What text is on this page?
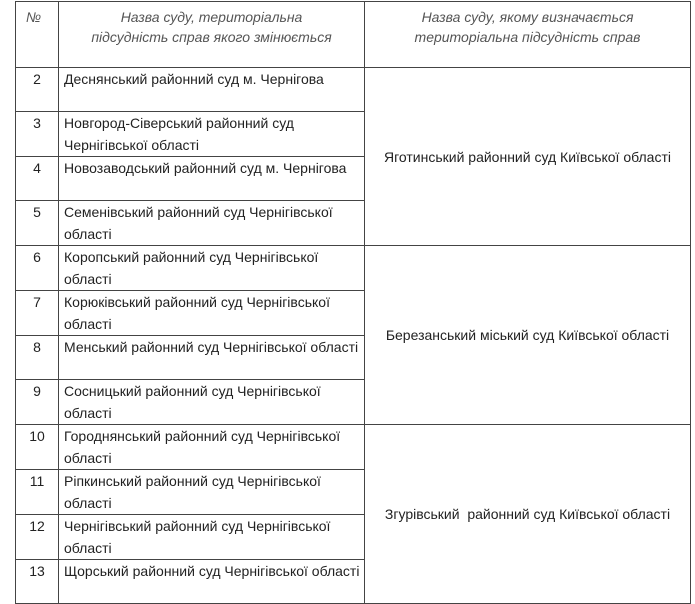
№	Назва суду, територіальна підсудність справ якого змінюється	Назва суду, якому визначається територіальна підсудність справ

2	Деснянський районний суд м. Чернігова	Яготинський районний суд Київської області
3	Новгород-Сіверський районний суд Чернігівської області	
4	Новозаводський районний суд м. Чернігова	
5	Семенівський районний суд Чернігівської області	
6	Коропський районний суд Чернігівської області	Березанський міський суд Київської області
7	Корюківський районний суд Чернігівської області	
8	Менський районний суд Чернігівської області	
9	Сосницький районний суд Чернігівської області	
10	Городнянський районний суд Чернігівської області	Згурівський  районний суд Київської області
11	Ріпкинський районний суд Чернігівської області	
12	Чернігівський районний суд Чернігівської області	
13	Щорський районний суд Чернігівської області	
